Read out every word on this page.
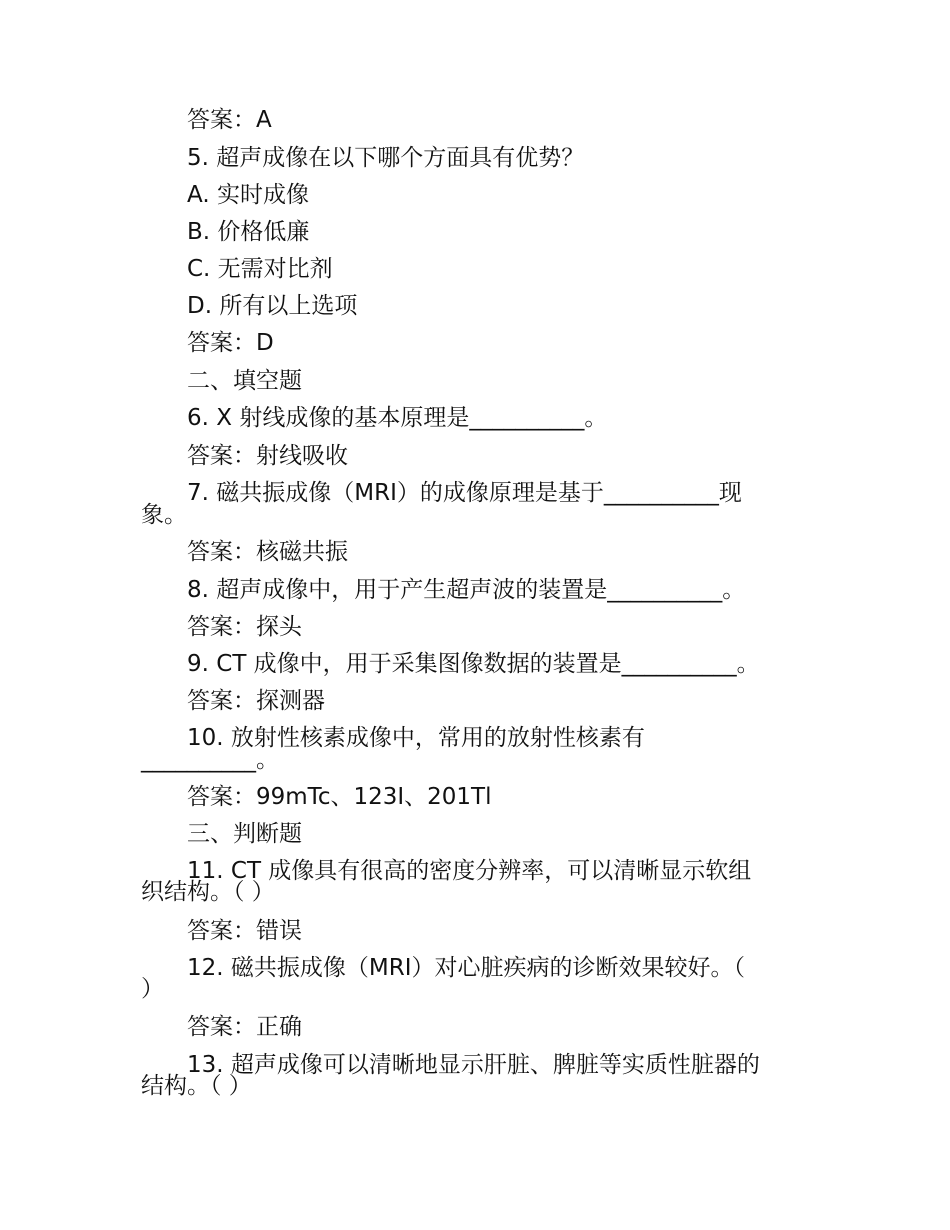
答案：A
5. 超声成像在以下哪个方面具有优势？
A. 实时成像
B. 价格低廉
C. 无需对比剂
D. 所有以上选项
答案：D
二、填空题
6. X 射线成像的基本原理是__________。
答案：射线吸收
7. 磁共振成像（MRI）的成像原理是基于__________现
象。
答案：核磁共振
8. 超声成像中，用于产生超声波的装置是__________。
答案：探头
9. CT 成像中，用于采集图像数据的装置是__________。
答案：探测器
10. 放射性核素成像中，常用的放射性核素有
__________。
答案：99mTc、123I、201Tl
三、判断题
11. CT 成像具有很高的密度分辨率，可以清晰显示软组
织结构。（ ）
答案：错误
12. 磁共振成像（MRI）对心脏疾病的诊断效果较好。（
）
答案：正确
13. 超声成像可以清晰地显示肝脏、脾脏等实质性脏器的
结构。（ ）
